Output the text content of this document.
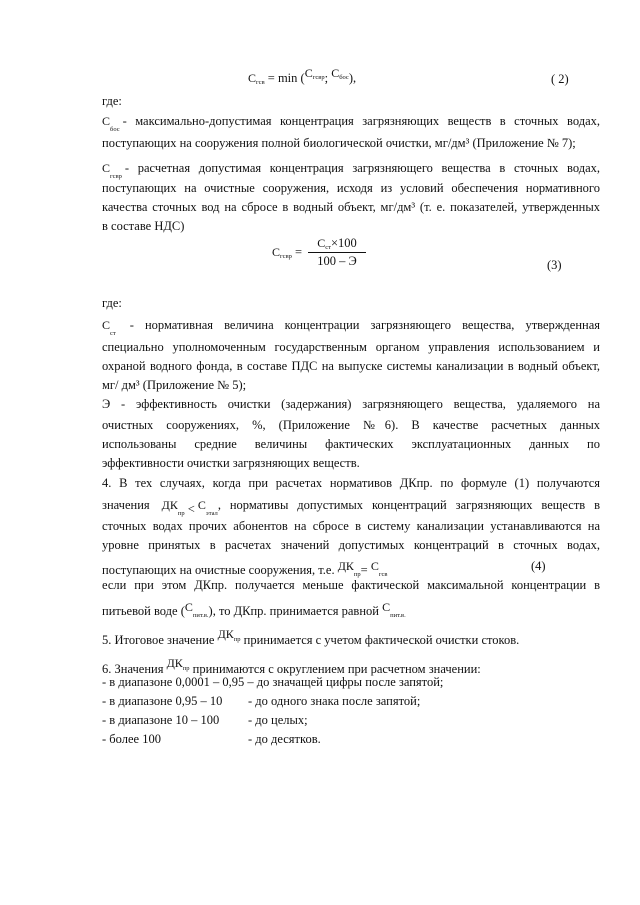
$C_{гсв} = \min (C^{гсвр}$; $C^{бос}$),	( 2)
где:
$C_{бос}$
- максимально-допустимая концентрация загрязняющих веществ в сточных водах,
поступающих на сооружения полной биологической очистки, мг/дм³ (Приложение № 7);
$C_{гсвр}$
- расчетная допустимая концентрация загрязняющего вещества в сточных водах,
поступающих на очистные сооружения, исходя из условий обеспечения нормативного
качества сточных вод на сбросе в водный объект, мг/дм³ (т. е. показателей, утвержденных
в составе НДС)
$C_{гсвр}$ =
$C_{ст}\times 100$
100 – Э	(3)
где:
$C_{ст}$
- нормативная величина концентрации загрязняющего вещества, утвержденная
специально уполномоченным государственным органом управления использованием и
охраной водного фонда, в составе ПДС на выпуске системы канализации в водный объект,
мг/ дм³ (Приложение № 5);
Э - эффективность очистки (задержания) загрязняющего вещества, удаляемого на
очистных сооружениях, %, (Приложение №6). В качестве расчетных данных
использованы средние величины фактических эксплуатационных данных по
эффективности очистки загрязняющих веществ.
4. В тех случаях, когда при расчетах нормативов ДКпр. по формуле (1) получаются
значения $ДК_{пр} < C_{этал}$
, нормативы допустимых концентраций загрязняющих веществ в
сточных водах прочих абонентов на сбросе в систему канализации устанавливаются на
уровне принятых в расчетах значений допустимых концентраций в сточных водах,
поступающих на очистные сооружения, т.е. $ДК_{пр}= C_{гсв}$
(4)
если при этом ДКпр. получается меньше фактической максимальной концентрации в
питьевой воде $(C_{пит.в.})$, то ДКпр. принимается равной $C_{пит.в.}$
5. Итоговое значение $ДК^{пр}$ принимается с учетом фактической очистки стоков.
6. Значения $ДК^{пр}$ принимаются с округлением при расчетном значении:
- в диапазоне 0,0001 – 0,95 – до значащей цифры после запятой;
- в диапазоне 0,95 – 10 - до одного знака после запятой;
- в диапазоне 10 – 100 - до целых;
- более 100	- до десятков.
